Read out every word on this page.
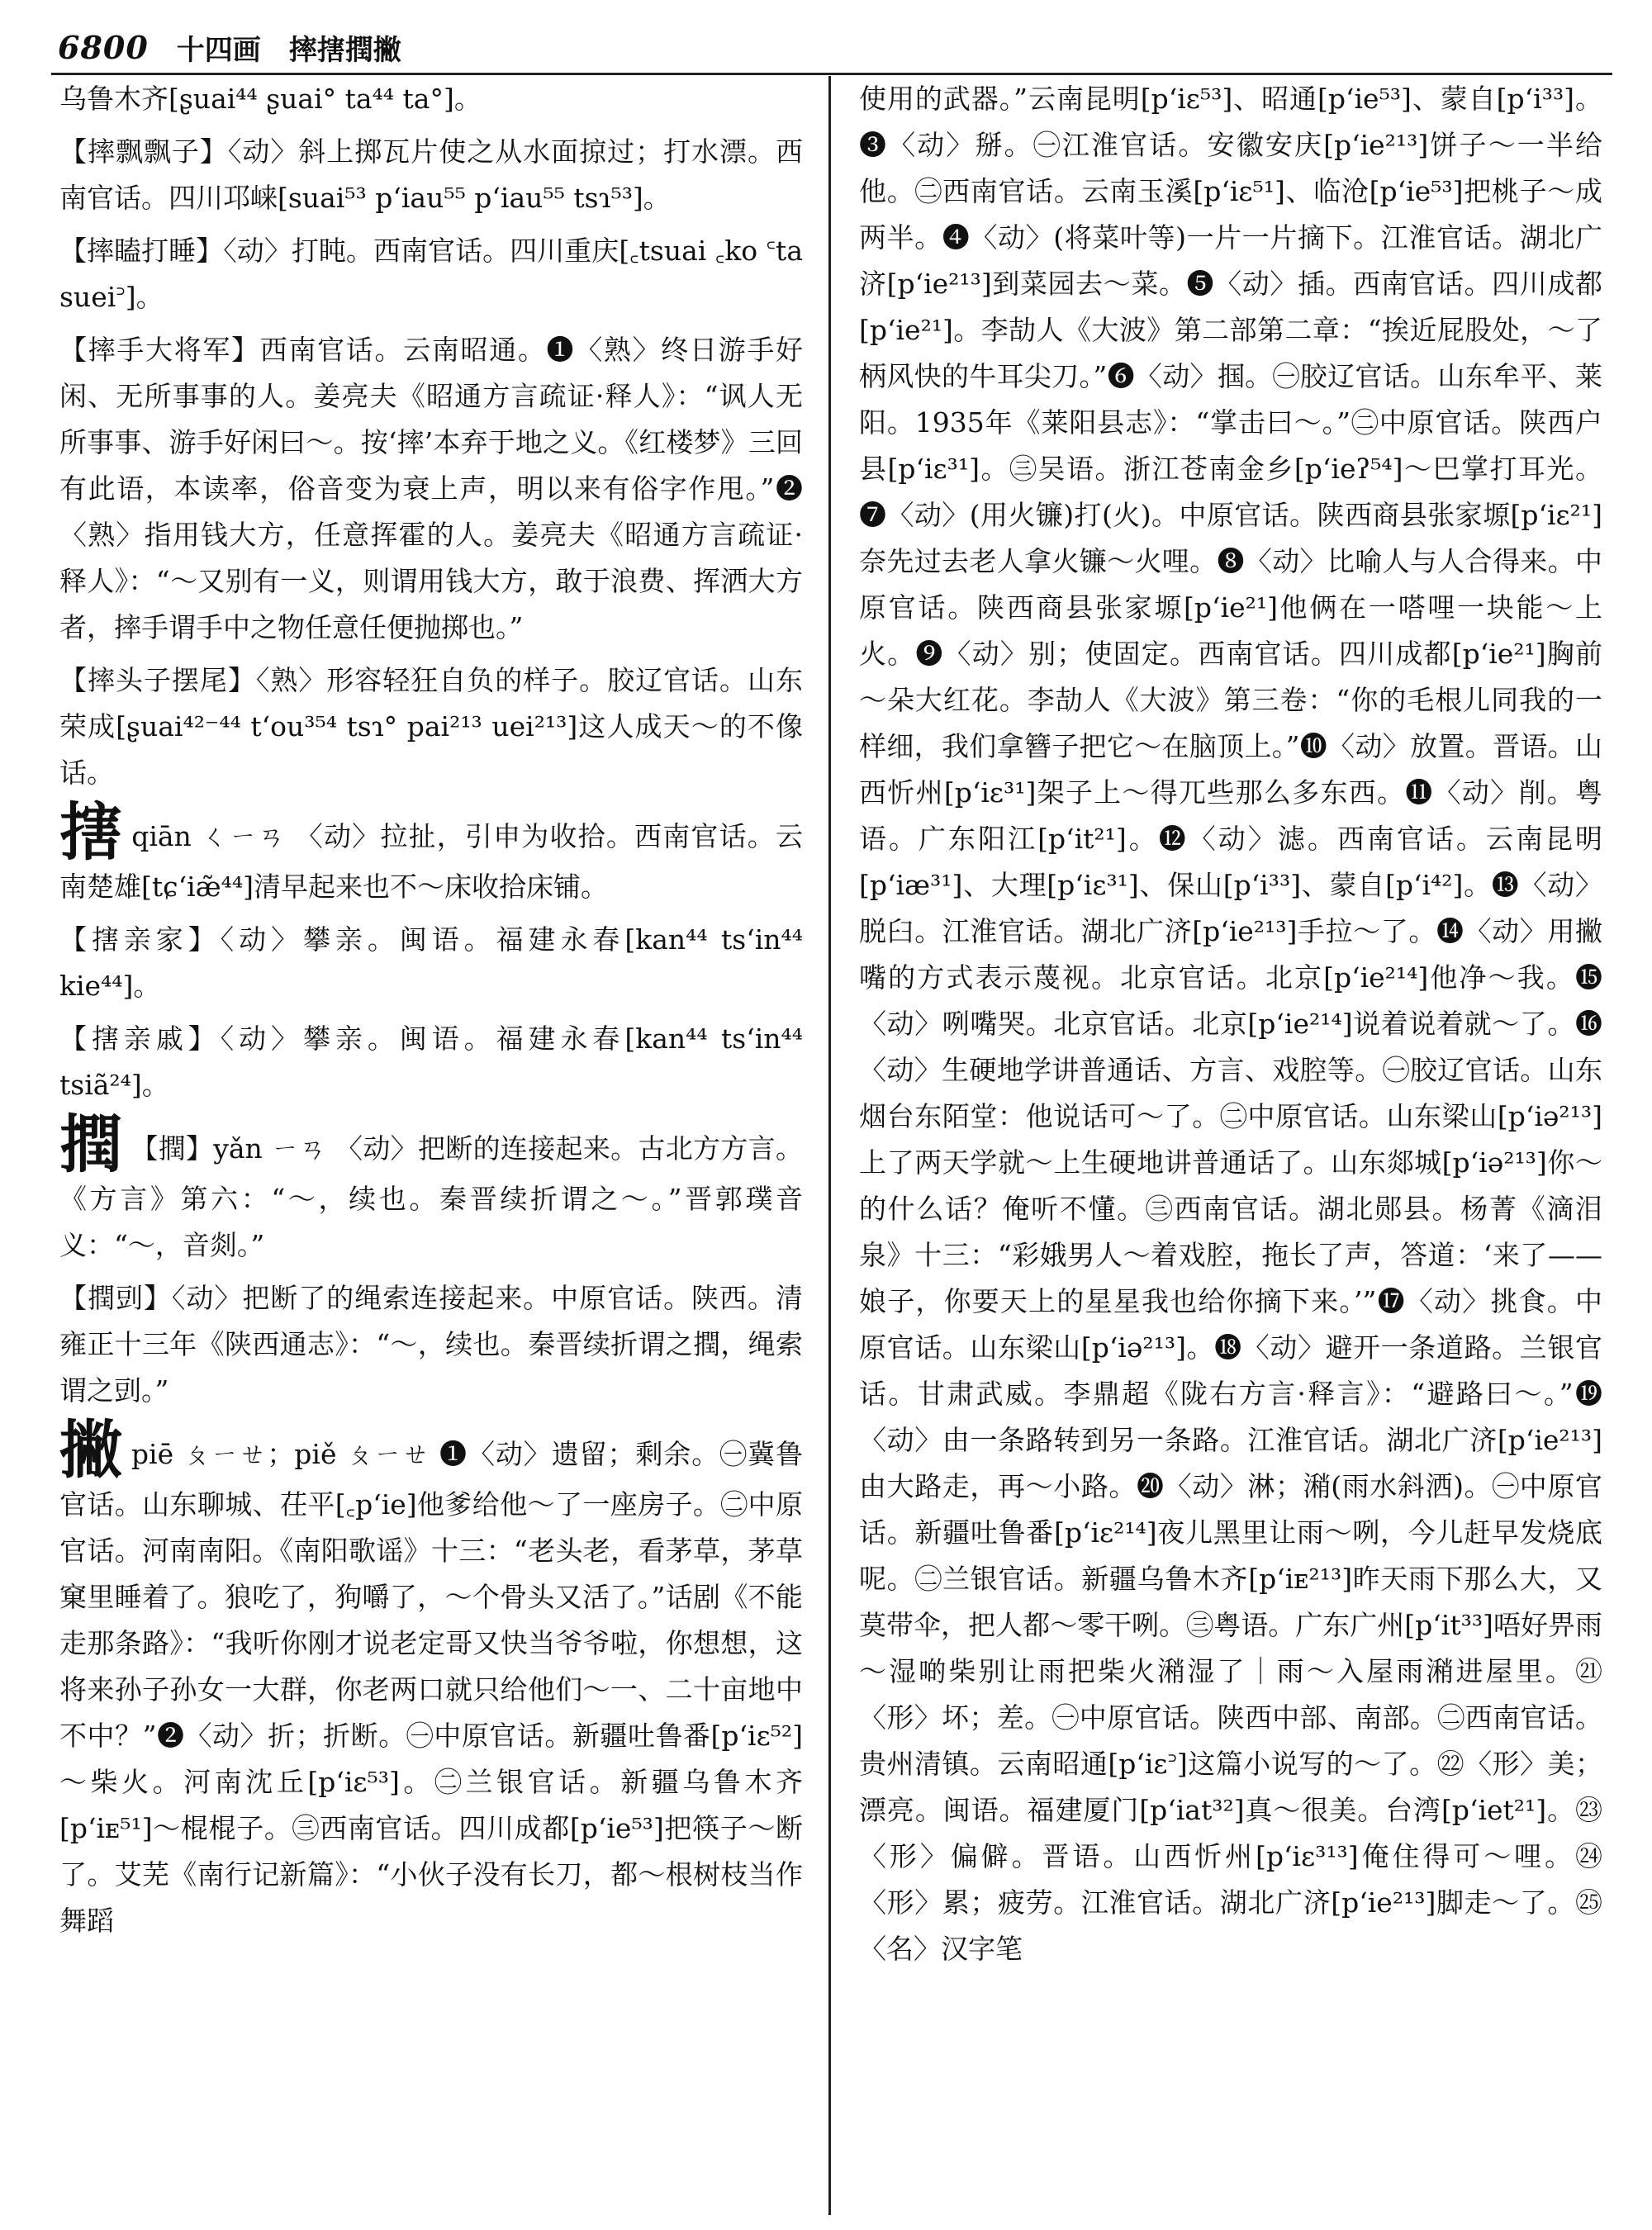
6800 十四画 摔搳撋撇

乌鲁木齐[ʂuai⁴⁴ ʂuai° ta⁴⁴ ta°]。

【摔飘飘子】〈动〉斜上掷瓦片使之从水面掠过；打水漂。西南官话。四川邛崃[suai⁵³ p‘iau⁵⁵ p‘iau⁵⁵ tsɿ⁵³]。

【摔瞌打睡】〈动〉打盹。西南官话。四川重庆[꜀tsuai ꜀ko ꜂ta suei꜄]。

【摔手大将军】西南官话。云南昭通。❶〈熟〉终日游手好闲、无所事事的人。姜亮夫《昭通方言疏证·释人》：“讽人无所事事、游手好闲曰～。按‘摔’本弃于地之义。《红楼梦》三回有此语，本读率，俗音变为衰上声，明以来有俗字作甩。”❷〈熟〉指用钱大方，任意挥霍的人。姜亮夫《昭通方言疏证·释人》：“～又别有一义，则谓用钱大方，敢于浪费、挥洒大方者，摔手谓手中之物任意任便抛掷也。”

【摔头子摆尾】〈熟〉形容轻狂自负的样子。胶辽官话。山东荣成[ʂuai⁴²⁻⁴⁴ t‘ou³⁵⁴ tsɿ° pai²¹³ uei²¹³]这人成天～的不像话。

搳qiān ㄑㄧㄢ 〈动〉拉扯，引申为收拾。西南官话。云南楚雄[tɕ‘iæ̃⁴⁴]清早起来也不～床收拾床铺。

【搳亲家】〈动〉攀亲。闽语。福建永春[kan⁴⁴ ts‘in⁴⁴ kie⁴⁴]。

【搳亲戚】〈动〉攀亲。闽语。福建永春[kan⁴⁴ ts‘in⁴⁴ tsiã²⁴]。

撋 【撋】yǎn ㄧㄢ 〈动〉把断的连接起来。古北方方言。《方言》第六：“～，续也。秦晋续折谓之～。”晋郭璞音义：“～，音剡。”

【撋剅】〈动〉把断了的绳索连接起来。中原官话。陕西。清雍正十三年《陕西通志》：“～，续也。秦晋续折谓之撋，绳索谓之剅。”

撇piē ㄆㄧㄝ；piě ㄆㄧㄝ ❶〈动〉遗留；剩余。㊀冀鲁官话。山东聊城、茌平[꜀p‘ie]他爹给他～了一座房子。㊁中原官话。河南南阳。《南阳歌谣》十三：“老头老，看茅草，茅草窠里睡着了。狼吃了，狗嚼了，～个骨头又活了。”话剧《不能走那条路》：“我听你刚才说老定哥又快当爷爷啦，你想想，这将来孙子孙女一大群，你老两口就只给他们～一、二十亩地中不中？”❷〈动〉折；折断。㊀中原官话。新疆吐鲁番[p‘iɛ⁵²]～柴火。河南沈丘[p‘iɛ⁵³]。㊁兰银官话。新疆乌鲁木齐[p‘iᴇ⁵¹]～棍棍子。㊂西南官话。四川成都[p‘ie⁵³]把筷子～断了。艾芜《南行记新篇》：“小伙子没有长刀，都～根树枝当作舞蹈

使用的武器。”云南昆明[p‘iɛ⁵³]、昭通[p‘ie⁵³]、蒙自[p‘i³³]。❸〈动〉掰。㊀江淮官话。安徽安庆[p‘ie²¹³]饼子～一半给他。㊁西南官话。云南玉溪[p‘iɛ⁵¹]、临沧[p‘ie⁵³]把桃子～成两半。❹〈动〉(将菜叶等)一片一片摘下。江淮官话。湖北广济[p‘ie²¹³]到菜园去～菜。❺〈动〉插。西南官话。四川成都[p‘ie²¹]。李劼人《大波》第二部第二章：“挨近屁股处，～了柄风快的牛耳尖刀。”❻〈动〉掴。㊀胶辽官话。山东牟平、莱阳。1935年《莱阳县志》：“掌击曰～。”㊁中原官话。陕西户县[p‘iɛ³¹]。㊂吴语。浙江苍南金乡[p‘ieʔ⁵⁴]～巴掌打耳光。❼〈动〉(用火镰)打(火)。中原官话。陕西商县张家塬[p‘iɛ²¹]奈先过去老人拿火镰～火哩。❽〈动〉比喻人与人合得来。中原官话。陕西商县张家塬[p‘ie²¹]他俩在一嗒哩一块能～上火。❾〈动〉别；使固定。西南官话。四川成都[p‘ie²¹]胸前～朵大红花。李劼人《大波》第三卷：“你的毛根儿同我的一样细，我们拿簪子把它～在脑顶上。”❿〈动〉放置。晋语。山西忻州[p‘iɛ³¹]架子上～得兀些那么多东西。⓫〈动〉削。粤语。广东阳江[p‘it²¹]。⓬〈动〉滤。西南官话。云南昆明[p‘iæ³¹]、大理[p‘iɛ³¹]、保山[p‘i³³]、蒙自[p‘i⁴²]。⓭〈动〉脱臼。江淮官话。湖北广济[p‘ie²¹³]手拉～了。⓮〈动〉用撇嘴的方式表示蔑视。北京官话。北京[p‘ie²¹⁴]他净～我。⓯〈动〉咧嘴哭。北京官话。北京[p‘ie²¹⁴]说着说着就～了。⓰〈动〉生硬地学讲普通话、方言、戏腔等。㊀胶辽官话。山东烟台东陌堂：他说话可～了。㊁中原官话。山东梁山[p‘iə²¹³]上了两天学就～上生硬地讲普通话了。山东郯城[p‘iə²¹³]你～的什么话？俺听不懂。㊂西南官话。湖北郧县。杨菁《滴泪泉》十三：“彩娥男人～着戏腔，拖长了声，答道：‘来了——娘子，你要天上的星星我也给你摘下来。’”⓱〈动〉挑食。中原官话。山东梁山[p‘iə²¹³]。⓲〈动〉避开一条道路。兰银官话。甘肃武威。李鼎超《陇右方言·释言》：“避路曰～。”⓳〈动〉由一条路转到另一条路。江淮官话。湖北广济[p‘ie²¹³]由大路走，再～小路。⓴〈动〉淋；潲(雨水斜洒)。㊀中原官话。新疆吐鲁番[p‘iɛ²¹⁴]夜儿黑里让雨～咧，今儿赶早发烧底呢。㊁兰银官话。新疆乌鲁木齐[p‘iᴇ²¹³]昨天雨下那么大，又莫带伞，把人都～零干咧。㊂粤语。广东广州[p‘it³³]唔好畀雨～湿啲柴别让雨把柴火潲湿了｜雨～入屋雨潲进屋里。㉑〈形〉坏；差。㊀中原官话。陕西中部、南部。㊁西南官话。贵州清镇。云南昭通[p‘iɛ꜄]这篇小说写的～了。㉒〈形〉美；漂亮。闽语。福建厦门[p‘iat³²]真～很美。台湾[p‘iet²¹]。㉓〈形〉偏僻。晋语。山西忻州[p‘iɛ³¹³]俺住得可～哩。㉔〈形〉累；疲劳。江淮官话。湖北广济[p‘ie²¹³]脚走～了。㉕〈名〉汉字笔
